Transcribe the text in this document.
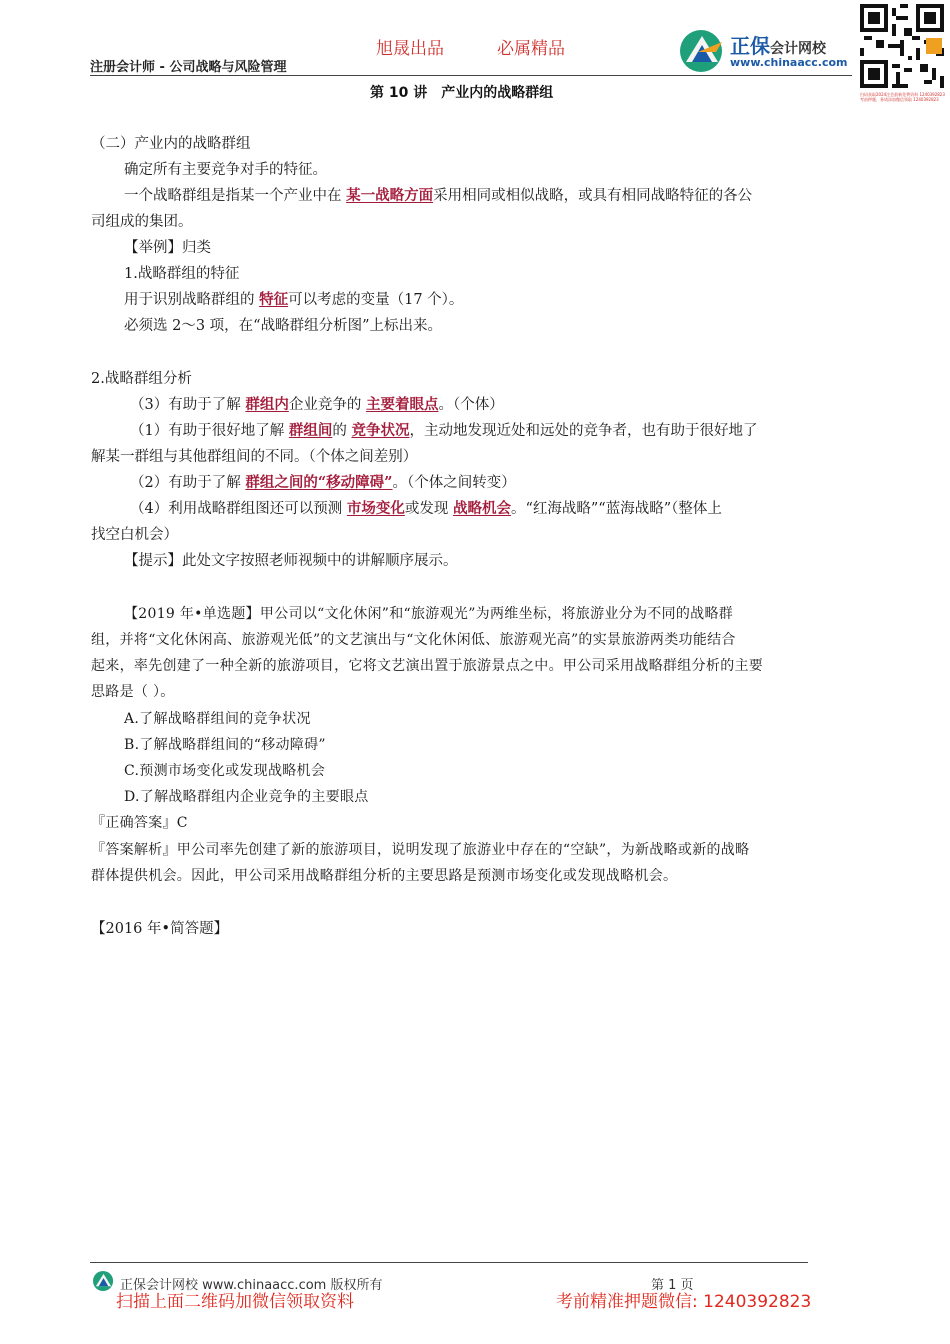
旭晟出品	必属精品
注册会计师 - 公司战略与风险管理
正保会计网校
www.chinaacc.com
扫码获取2024注会最新免费资料 1240392823 考前押题，务请添加微信领取 1240392823
第 10 讲　产业内的战略群组
（二）产业内的战略群组
确定所有主要竞争对手的特征。
一个战略群组是指某一个产业中在 某一战略方面采用相同或相似战略，或具有相同战略特征的各公
司组成的集团。
【举例】归类
1.战略群组的特征
用于识别战略群组的 特征可以考虑的变量（17 个）。
必须选 2～3 项，在“战略群组分析图”上标出来。
2.战略群组分析
（3）有助于了解 群组内企业竞争的 主要着眼点。（个体）
（1）有助于很好地了解 群组间的 竞争状况，主动地发现近处和远处的竞争者，也有助于很好地了
解某一群组与其他群组间的不同。（个体之间差别）
（2）有助于了解 群组之间的“移动障碍”。（个体之间转变）
（4）利用战略群组图还可以预测 市场变化或发现 战略机会。“红海战略”“蓝海战略”（整体上
找空白机会）
【提示】此处文字按照老师视频中的讲解顺序展示。
【2019 年•单选题】甲公司以“文化休闲”和“旅游观光”为两维坐标，将旅游业分为不同的战略群
组，并将“文化休闲高、旅游观光低”的文艺演出与“文化休闲低、旅游观光高”的实景旅游两类功能结合
起来，率先创建了一种全新的旅游项目，它将文艺演出置于旅游景点之中。甲公司采用战略群组分析的主要
思路是（ ）。
A.了解战略群组间的竞争状况
B.了解战略群组间的“移动障碍”
C.预测市场变化或发现战略机会
D.了解战略群组内企业竞争的主要眼点
『正确答案』C
『答案解析』甲公司率先创建了新的旅游项目，说明发现了旅游业中存在的“空缺”，为新战略或新的战略
群体提供机会。因此，甲公司采用战略群组分析的主要思路是预测市场变化或发现战略机会。
【2016 年•简答题】
正保会计网校 www.chinaacc.com 版权所有	第 1 页
扫描上面二维码加微信领取资料	考前精准押题微信: 1240392823
